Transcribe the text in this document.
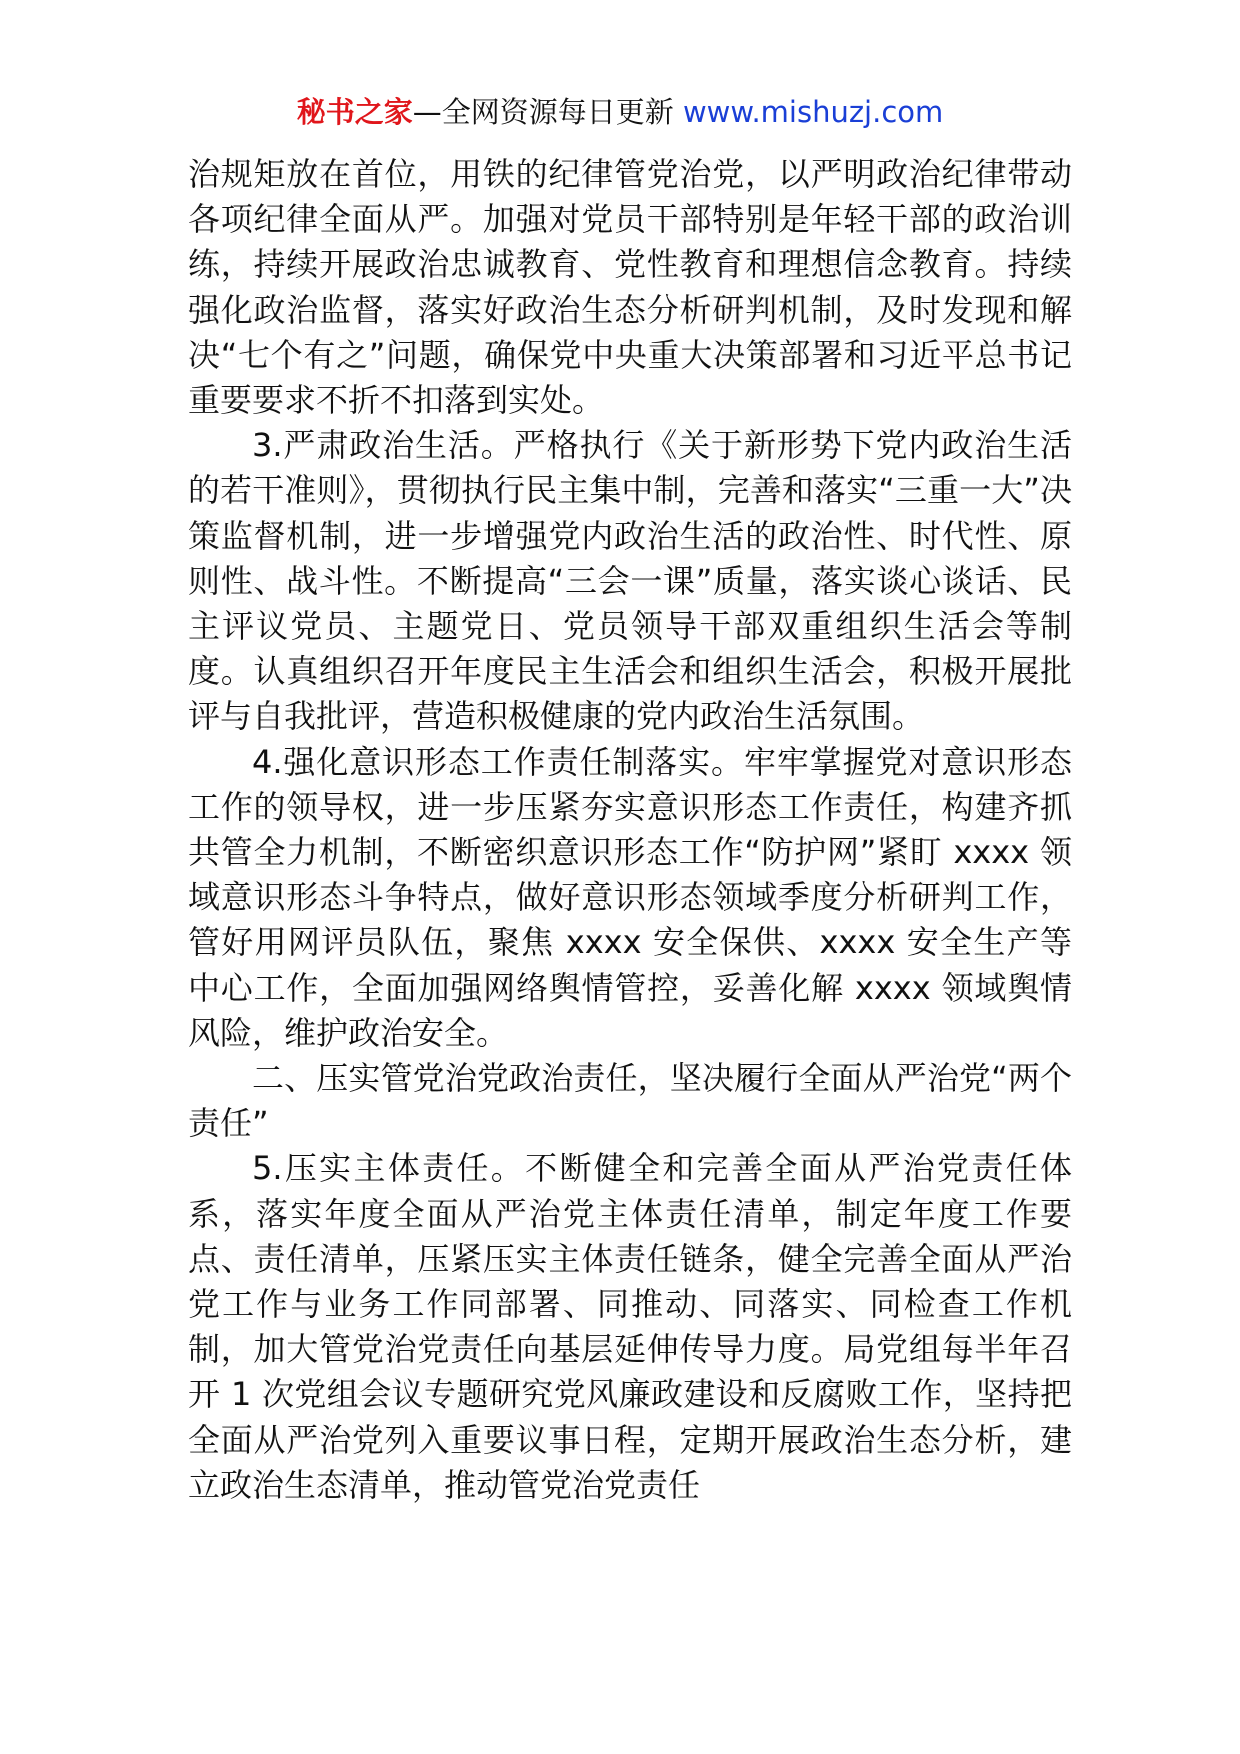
秘书之家—全网资源每日更新 www.mishuzj.com

治规矩放在首位，用铁的纪律管党治党，以严明政治纪律带动各项纪律全面从严。加强对党员干部特别是年轻干部的政治训练，持续开展政治忠诚教育、党性教育和理想信念教育。持续强化政治监督，落实好政治生态分析研判机制，及时发现和解决“七个有之”问题，确保党中央重大决策部署和习近平总书记重要要求不折不扣落到实处。

3.严肃政治生活。严格执行《关于新形势下党内政治生活的若干准则》，贯彻执行民主集中制，完善和落实“三重一大”决策监督机制，进一步增强党内政治生活的政治性、时代性、原则性、战斗性。不断提高“三会一课”质量，落实谈心谈话、民主评议党员、主题党日、党员领导干部双重组织生活会等制度。认真组织召开年度民主生活会和组织生活会，积极开展批评与自我批评，营造积极健康的党内政治生活氛围。

4.强化意识形态工作责任制落实。牢牢掌握党对意识形态工作的领导权，进一步压紧夯实意识形态工作责任，构建齐抓共管全力机制，不断密织意识形态工作“防护网”紧盯 xxxx 领域意识形态斗争特点，做好意识形态领域季度分析研判工作，管好用网评员队伍，聚焦 xxxx 安全保供、xxxx 安全生产等中心工作，全面加强网络舆情管控，妥善化解 xxxx 领域舆情风险，维护政治安全。

二、压实管党治党政治责任，坚决履行全面从严治党“两个责任”

5.压实主体责任。不断健全和完善全面从严治党责任体系，落实年度全面从严治党主体责任清单，制定年度工作要点、责任清单，压紧压实主体责任链条，健全完善全面从严治党工作与业务工作同部署、同推动、同落实、同检查工作机制，加大管党治党责任向基层延伸传导力度。局党组每半年召开 1 次党组会议专题研究党风廉政建设和反腐败工作，坚持把全面从严治党列入重要议事日程，定期开展政治生态分析，建立政治生态清单，推动管党治党责任
